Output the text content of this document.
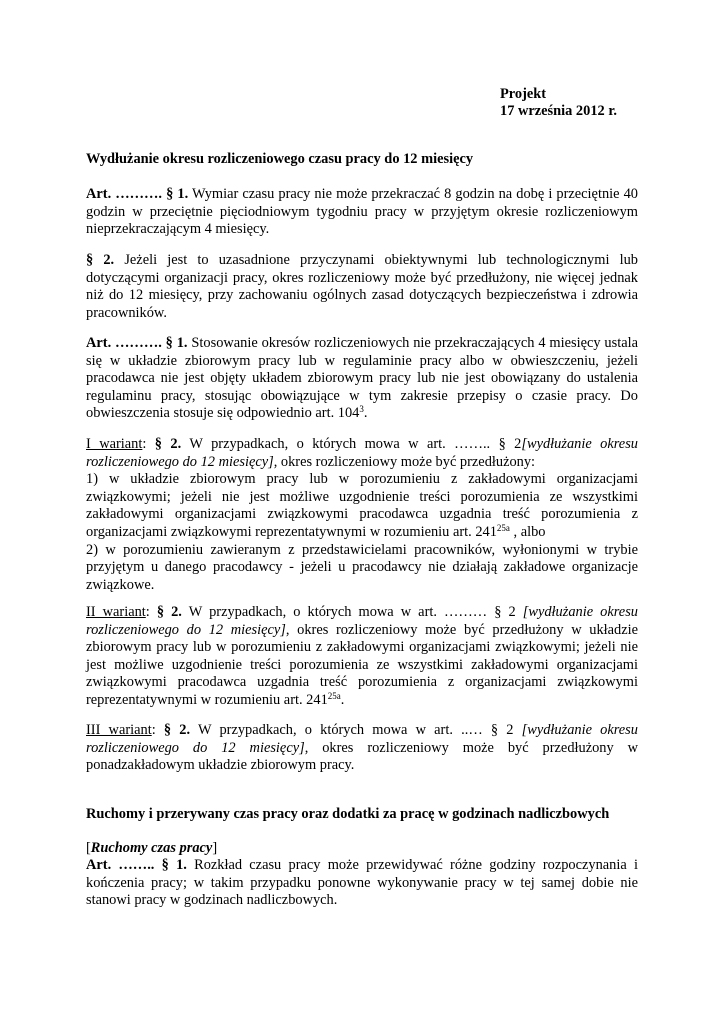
Projekt
17 września 2012 r.
Wydłużanie okresu rozliczeniowego czasu pracy do 12 miesięcy

Art. ………. § 1. Wymiar czasu pracy nie może przekraczać 8 godzin na dobę i przeciętnie 40 godzin w przeciętnie pięciodniowym tygodniu pracy w przyjętym okresie rozliczeniowym nieprzekraczającym 4 miesięcy.

§ 2. Jeżeli jest to uzasadnione przyczynami obiektywnymi lub technologicznymi lub dotyczącymi organizacji pracy, okres rozliczeniowy może być przedłużony, nie więcej jednak niż do 12 miesięcy, przy zachowaniu ogólnych zasad dotyczących bezpieczeństwa i zdrowia pracowników.

Art. ………. § 1. Stosowanie okresów rozliczeniowych nie przekraczających 4 miesięcy ustala się w układzie zbiorowym pracy lub w regulaminie pracy albo w obwieszczeniu, jeżeli pracodawca nie jest objęty układem zbiorowym pracy lub nie jest obowiązany do ustalenia regulaminu pracy, stosując obowiązujące w tym zakresie przepisy o czasie pracy. Do obwieszczenia stosuje się odpowiednio art. $104^3$.

I wariant: § 2. W przypadkach, o których mowa w art. …….. § 2[wydłużanie okresu rozliczeniowego do 12 miesięcy], okres rozliczeniowy może być przedłużony:
1) w układzie zbiorowym pracy lub w porozumieniu z zakładowymi organizacjami związkowymi; jeżeli nie jest możliwe uzgodnienie treści porozumienia ze wszystkimi zakładowymi organizacjami związkowymi pracodawca uzgadnia treść porozumienia z organizacjami związkowymi reprezentatywnymi w rozumieniu art. $241^{25a}$ , albo
2) w porozumieniu zawieranym z przedstawicielami pracowników, wyłonionymi w trybie przyjętym u danego pracodawcy - jeżeli u pracodawcy nie działają zakładowe organizacje związkowe.

II wariant: § 2. W przypadkach, o których mowa w art. ……… § 2 [wydłużanie okresu rozliczeniowego do 12 miesięcy], okres rozliczeniowy może być przedłużony w układzie zbiorowym pracy lub w porozumieniu z zakładowymi organizacjami związkowymi; jeżeli nie jest możliwe uzgodnienie treści porozumienia ze wszystkimi zakładowymi organizacjami związkowymi pracodawca uzgadnia treść porozumienia z organizacjami związkowymi reprezentatywnymi w rozumieniu art. $241^{25a}$.

III wariant: § 2. W przypadkach, o których mowa w art. ..… § 2 [wydłużanie okresu rozliczeniowego do 12 miesięcy], okres rozliczeniowy może być przedłużony w ponadzakładowym układzie zbiorowym pracy.

Ruchomy i przerywany czas pracy oraz dodatki za pracę w godzinach nadliczbowych
[Ruchomy czas pracy]

Art. …….. § 1. Rozkład czasu pracy może przewidywać różne godziny rozpoczynania i kończenia pracy; w takim przypadku ponowne wykonywanie pracy w tej samej dobie nie stanowi pracy w godzinach nadliczbowych.
